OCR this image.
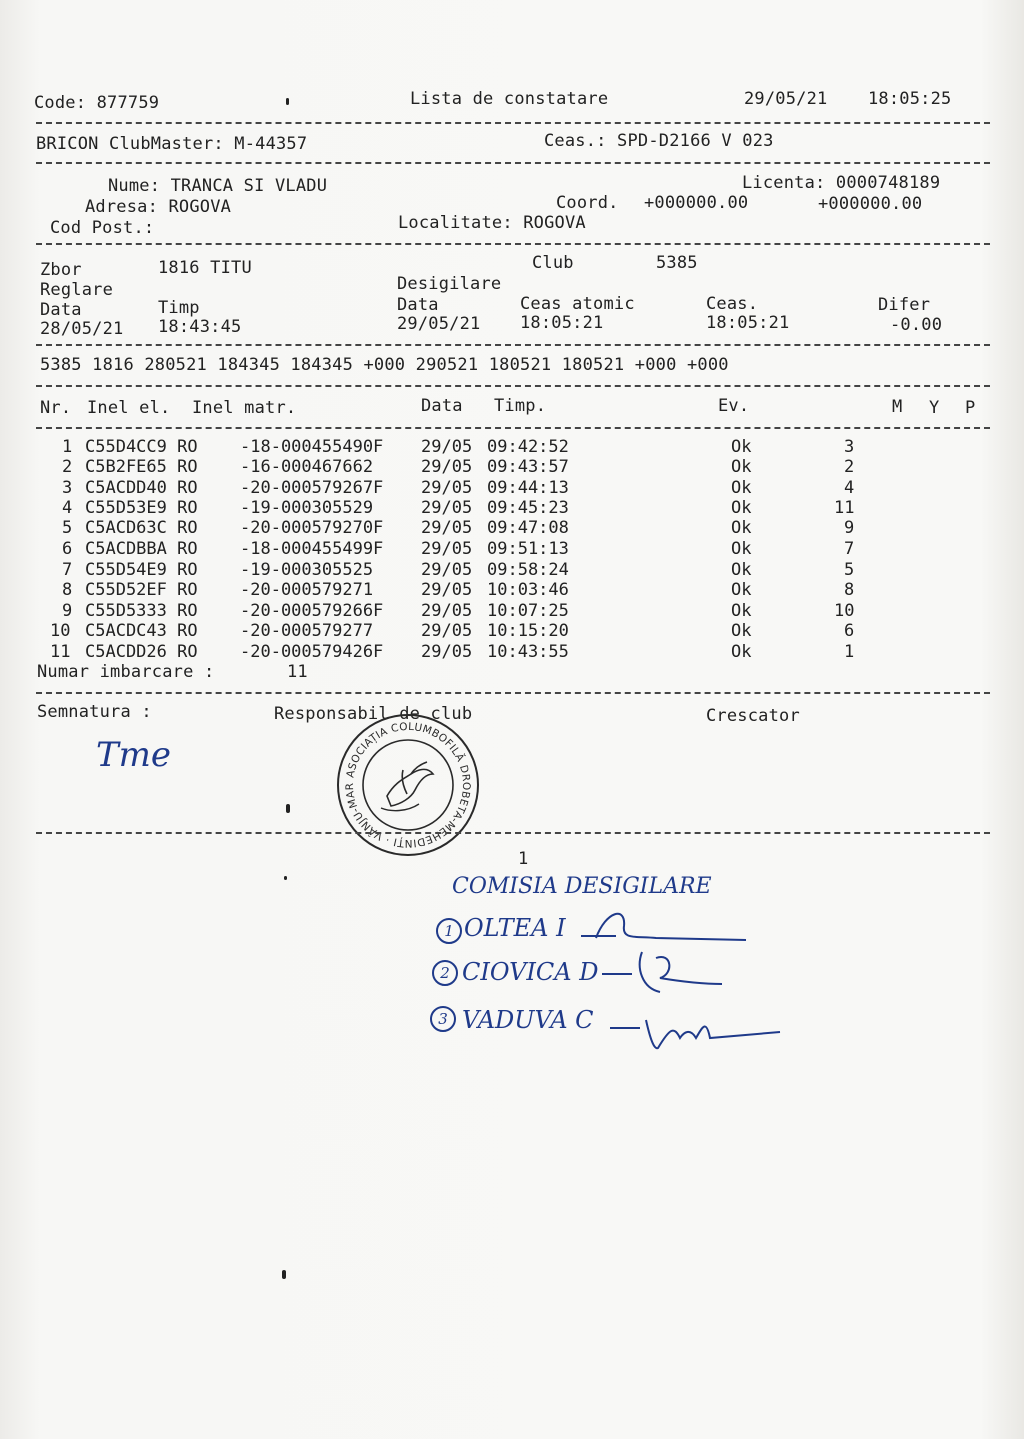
Code: 877759	Lista de constatare	29/05/21 18:05:25
BRICON ClubMaster: M-44357	Ceas.: SPD-D2166 V 023
Nume: TRANCA SI VLADU	Licenta: 0000748189
Adresa: ROGOVA	Coord. +000000.00	+000000.00
Cod Post.:	Localitate: ROGOVA
Zbor	1816 TITU	Club	5385
Reglare	Desigilare
Data	Timp	Data	Ceas atomic	Ceas.	Difer
28/05/21 18:43:45	29/05/21 18:05:21	18:05:21	-0.00
5385 1816 280521 184345 184345 +000 290521 180521 180521 +000 +000
Nr. Inel el. Inel matr.	Data Timp.	Ev.	M Y P
1 C55D4CC9 RO -18-000455490F 29/05 09:42:52	Ok	3
2 C5B2FE65 RO -16-000467662	29/05 09:43:57	Ok	2
3 C5ACDD40 RO -20-000579267F 29/05 09:44:13	Ok	4
4 C55D53E9 RO -19-000305529	29/05 09:45:23	Ok	11
5 C5ACD63C RO -20-000579270F 29/05 09:47:08	Ok	9
6 C5ACDBBA RO -18-000455499F 29/05 09:51:13	Ok	7
7 C55D54E9 RO -19-000305525	29/05 09:58:24	Ok	5
8 C55D52EF RO -20-000579271	29/05 10:03:46	Ok	8
9 C55D5333 RO -20-000579266F 29/05 10:07:25	Ok	10
10 C5ACDC43 RO -20-000579277	29/05 10:15:20	Ok	6
11 C5ACDD26 RO -20-000579426F 29/05 10:43:55	Ok	1
Numar imbarcare :	11
Semnatura :	Responsabil de club	Crescator
Tme	ASOCIAȚIA COLUMBOFILĂ DROBETA-MEHEDINȚI · VÂNJU-MAR
1
COMISIA DESIGILARE
1 OLTEA I
2 CIOVICA D
3 VADUVA C
